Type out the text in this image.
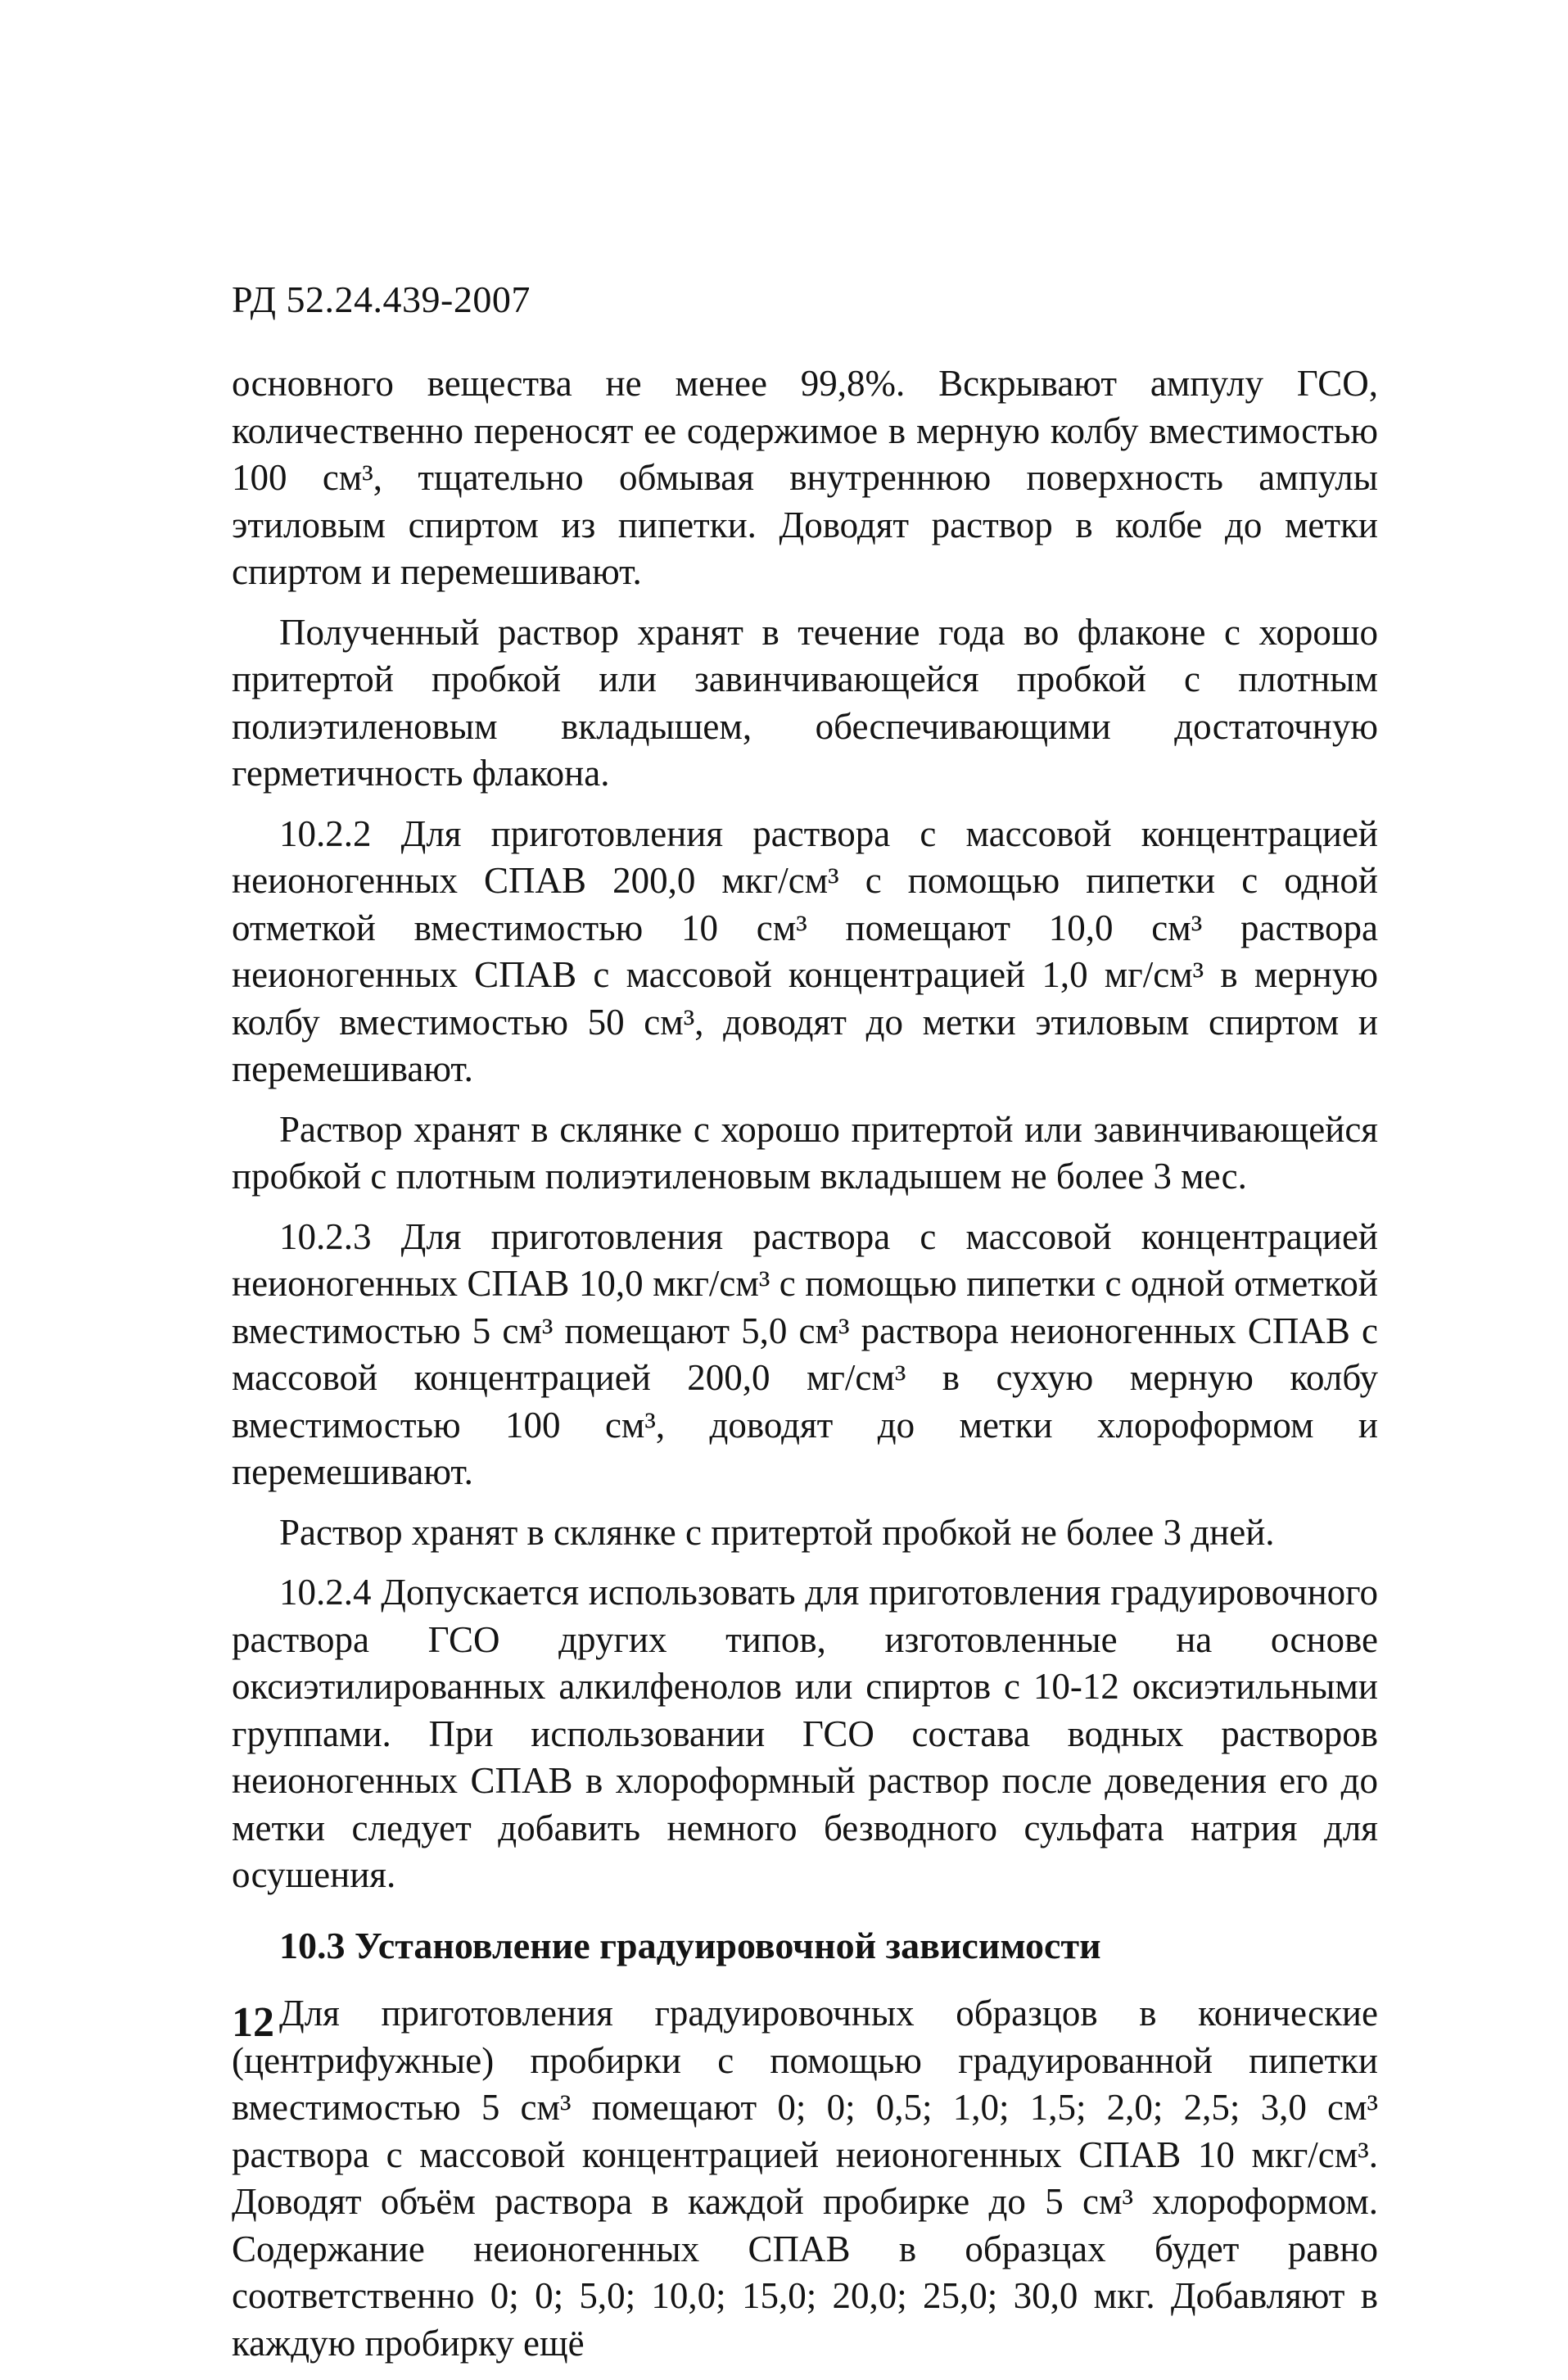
РД 52.24.439-2007

основного вещества не менее 99,8%. Вскрывают ампулу ГСО, количественно переносят ее содержимое в мерную колбу вместимостью 100 см³, тщательно обмывая внутреннюю поверхность ампулы этиловым спиртом из пипетки. Доводят раствор в колбе до метки спиртом и перемешивают.

Полученный раствор хранят в течение года во флаконе с хорошо притертой пробкой или завинчивающейся пробкой с плотным полиэтиленовым вкладышем, обеспечивающими достаточную герметичность флакона.

10.2.2 Для приготовления раствора с массовой концентрацией неионогенных СПАВ 200,0 мкг/см³ с помощью пипетки с одной отметкой вместимостью 10 см³ помещают 10,0 см³ раствора неионогенных СПАВ с массовой концентрацией 1,0 мг/см³ в мерную колбу вместимостью 50 см³, доводят до метки этиловым спиртом и перемешивают.

Раствор хранят в склянке с хорошо притертой или завинчивающейся пробкой с плотным полиэтиленовым вкладышем не более 3 мес.

10.2.3 Для приготовления раствора с массовой концентрацией неионогенных СПАВ 10,0 мкг/см³ с помощью пипетки с одной отметкой вместимостью 5 см³ помещают 5,0 см³ раствора неионогенных СПАВ с массовой концентрацией 200,0 мг/см³ в сухую мерную колбу вместимостью 100 см³, доводят до метки хлороформом и перемешивают.

Раствор хранят в склянке с притертой пробкой не более 3 дней.

10.2.4 Допускается использовать для приготовления градуировочного раствора ГСО других типов, изготовленные на основе оксиэтилированных алкилфенолов или спиртов с 10-12 оксиэтильными группами. При использовании ГСО состава водных растворов неионогенных СПАВ в хлороформный раствор после доведения его до метки следует добавить немного безводного сульфата натрия для осушения.

10.3 Установление градуировочной зависимости

Для приготовления градуировочных образцов в конические (центрифужные) пробирки с помощью градуированной пипетки вместимостью 5 см³ помещают 0; 0; 0,5; 1,0; 1,5; 2,0; 2,5; 3,0 см³ раствора с массовой концентрацией неионогенных СПАВ 10 мкг/см³. Доводят объём раствора в каждой пробирке до 5 см³ хлороформом. Содержание неионогенных СПАВ в образцах будет равно соответственно 0; 0; 5,0; 10,0; 15,0; 20,0; 25,0; 30,0 мкг. Добавляют в каждую пробирку ещё

12
